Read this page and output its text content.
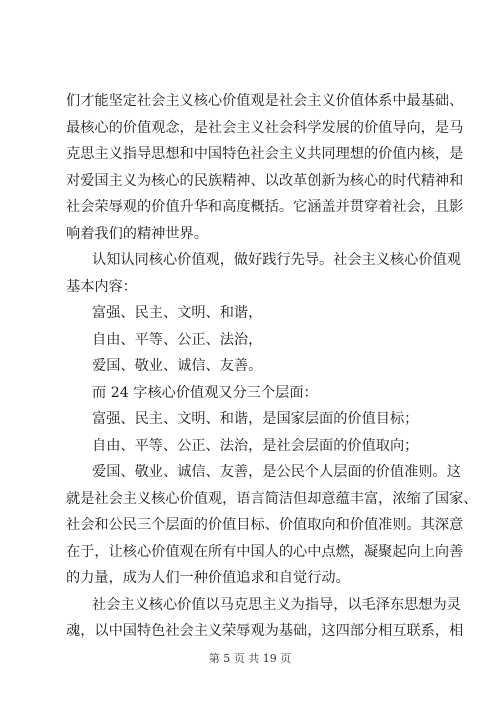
们才能坚定社会主义核心价值观是社会主义价值体系中最基础、
最核心的价值观念，是社会主义社会科学发展的价值导向，是马
克思主义指导思想和中国特色社会主义共同理想的价值内核，是
对爱国主义为核心的民族精神、以改革创新为核心的时代精神和
社会荣辱观的价值升华和高度概括。它涵盖并贯穿着社会，且影
响着我们的精神世界。
认知认同核心价值观，做好践行先导。社会主义核心价值观
基本内容：
富强、民主、文明、和谐，
自由、平等、公正、法治，
爱国、敬业、诚信、友善。
而 24 字核心价值观又分三个层面：
富强、民主、文明、和谐，是国家层面的价值目标；
自由、平等、公正、法治，是社会层面的价值取向；
爱国、敬业、诚信、友善，是公民个人层面的价值准则。这
就是社会主义核心价值观，语言简洁但却意蕴丰富，浓缩了国家、
社会和公民三个层面的价值目标、价值取向和价值准则。其深意
在于，让核心价值观在所有中国人的心中点燃，凝聚起向上向善
的力量，成为人们一种价值追求和自觉行动。
社会主义核心价值以马克思主义为指导，以毛泽东思想为灵
魂，以中国特色社会主义荣辱观为基础，这四部分相互联系，相
第 5 页 共 19 页
